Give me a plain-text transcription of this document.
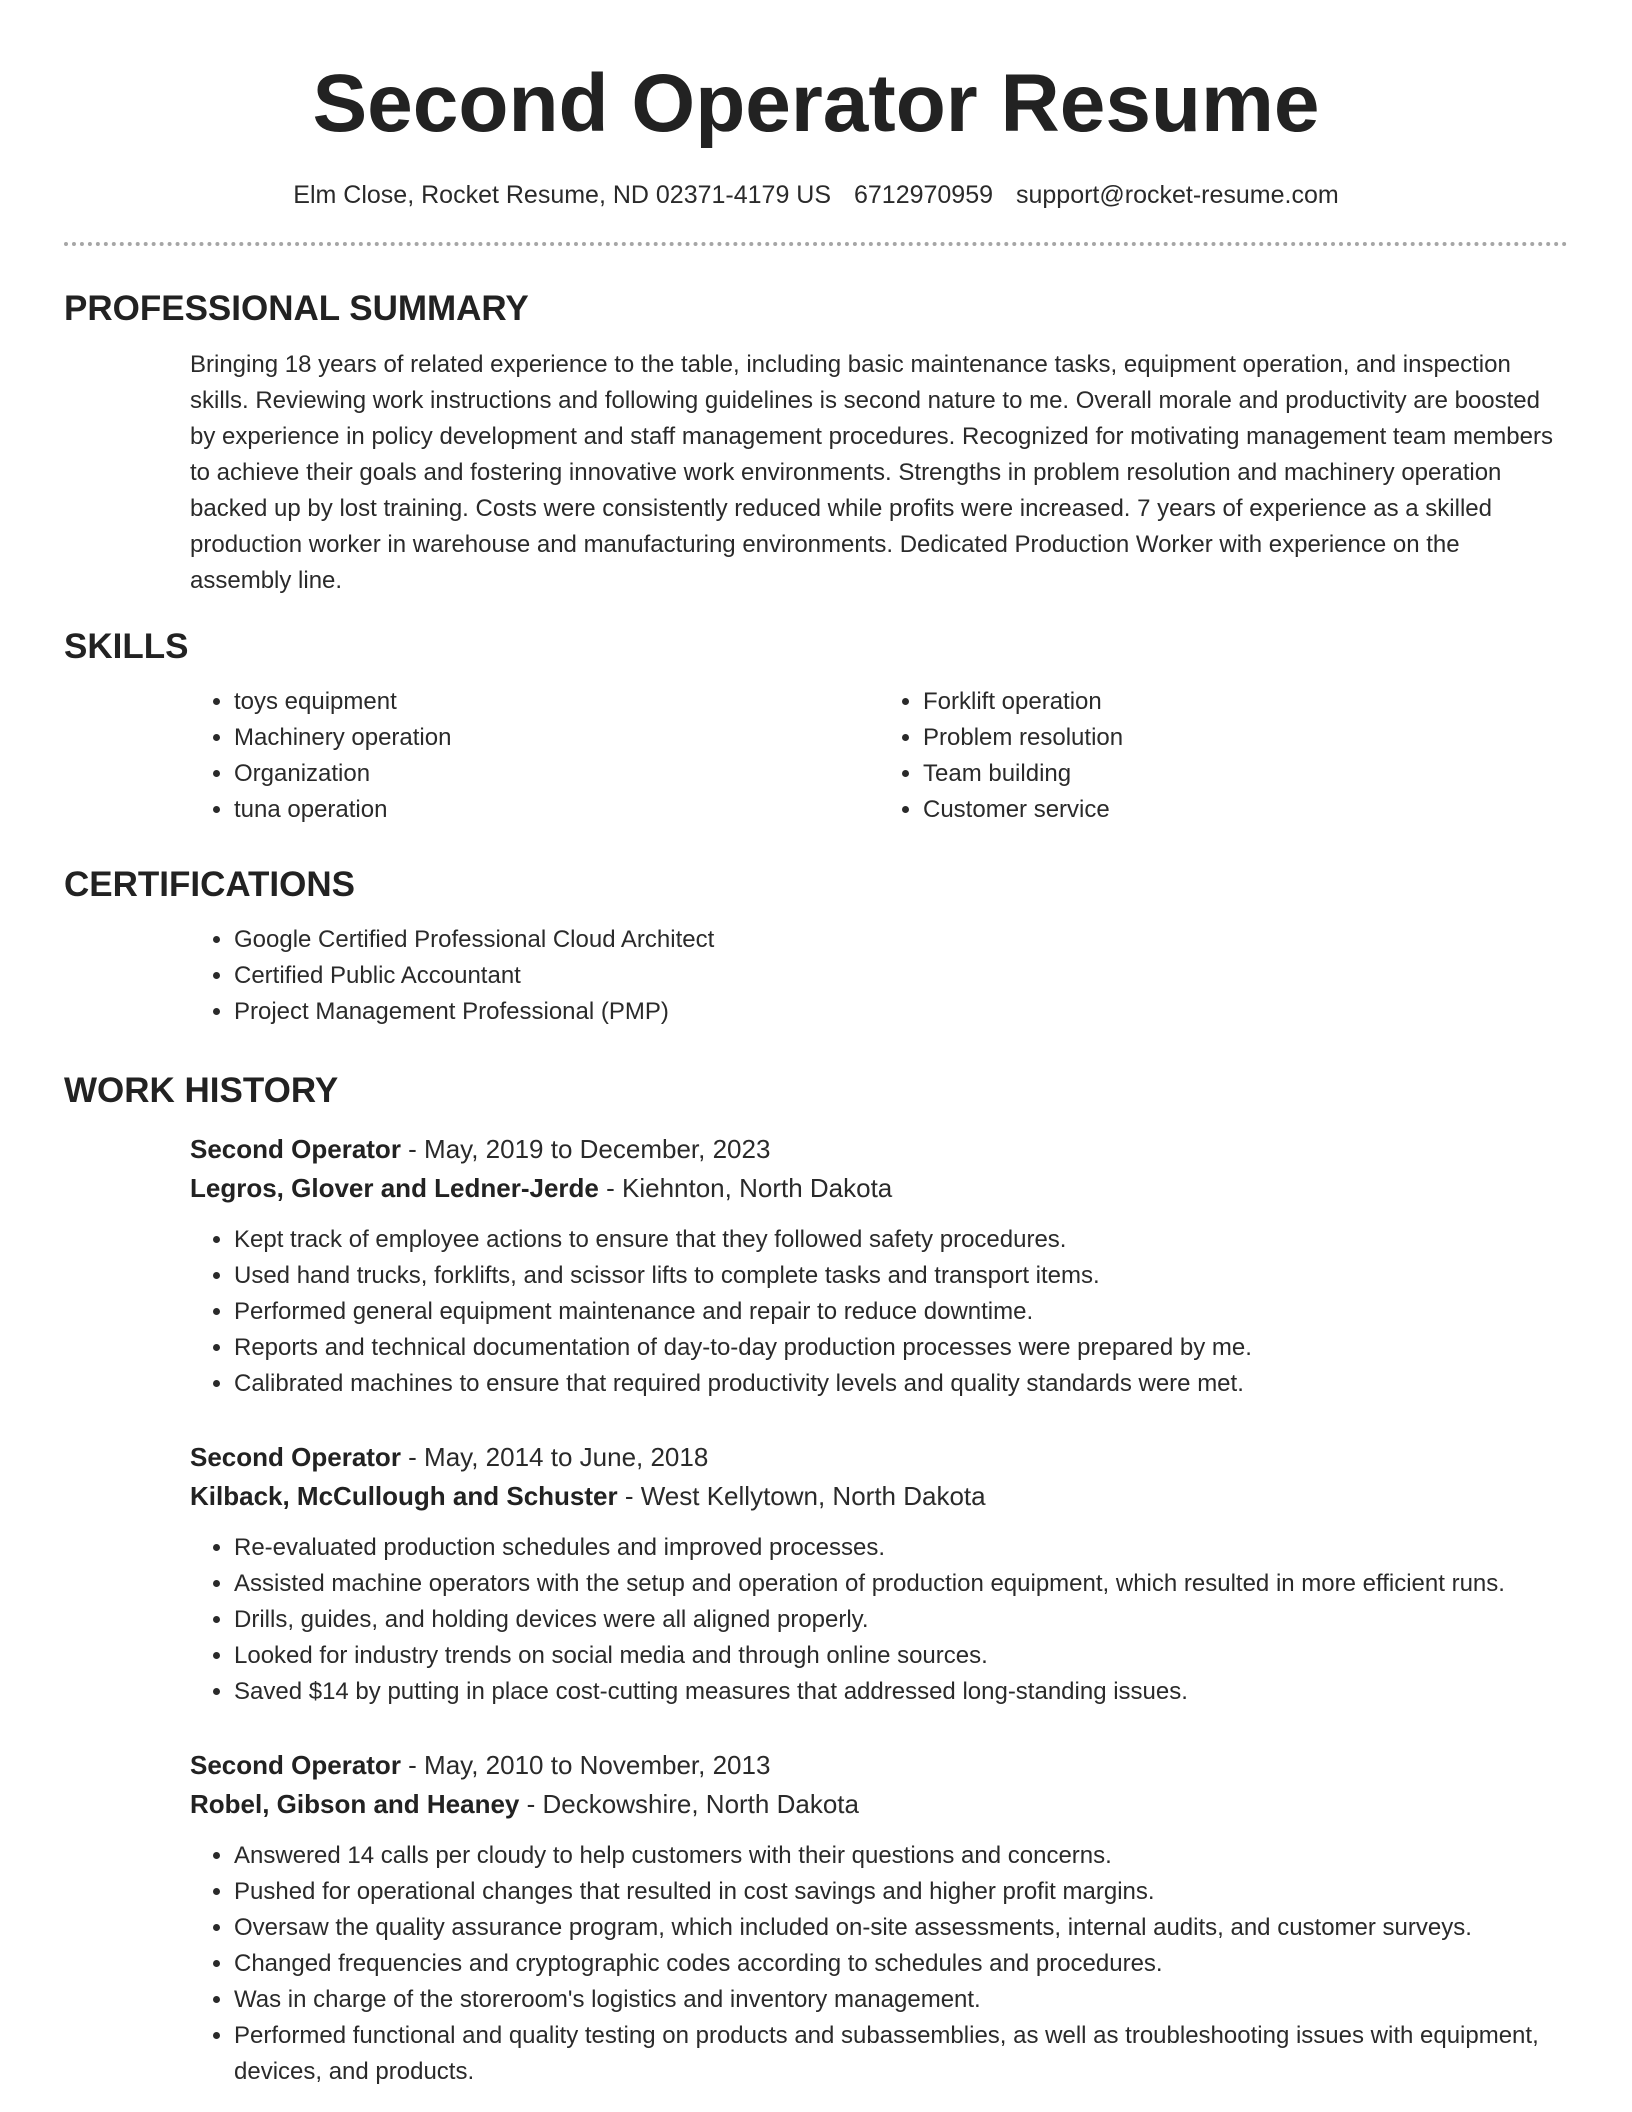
Second Operator Resume
Elm Close, Rocket Resume, ND 02371-4179 US 6712970959 support@rocket-resume.com
PROFESSIONAL SUMMARY

Bringing 18 years of related experience to the table, including basic maintenance tasks, equipment operation, and inspection skills. Reviewing work instructions and following guidelines is second nature to me. Overall morale and productivity are boosted by experience in policy development and staff management procedures. Recognized for motivating management team members to achieve their goals and fostering innovative work environments. Strengths in problem resolution and machinery operation backed up by lost training. Costs were consistently reduced while profits were increased. 7 years of experience as a skilled production worker in warehouse and manufacturing environments. Dedicated Production Worker with experience on the assembly line.

SKILLS
• toys equipment
• Machinery operation
• Organization
• tuna operation
• Forklift operation
• Problem resolution
• Team building
• Customer service
CERTIFICATIONS
• Google Certified Professional Cloud Architect
• Certified Public Accountant
• Project Management Professional (PMP)
WORK HISTORY
Second Operator - May, 2019 to December, 2023
Legros, Glover and Ledner-Jerde - Kiehnton, North Dakota
• Kept track of employee actions to ensure that they followed safety procedures.
• Used hand trucks, forklifts, and scissor lifts to complete tasks and transport items.
• Performed general equipment maintenance and repair to reduce downtime.
• Reports and technical documentation of day-to-day production processes were prepared by me.
• Calibrated machines to ensure that required productivity levels and quality standards were met.
Second Operator - May, 2014 to June, 2018
Kilback, McCullough and Schuster - West Kellytown, North Dakota
• Re-evaluated production schedules and improved processes.
• Assisted machine operators with the setup and operation of production equipment, which resulted in more efficient runs.
• Drills, guides, and holding devices were all aligned properly.
• Looked for industry trends on social media and through online sources.
• Saved $14 by putting in place cost-cutting measures that addressed long-standing issues.
Second Operator - May, 2010 to November, 2013
Robel, Gibson and Heaney - Deckowshire, North Dakota
• Answered 14 calls per cloudy to help customers with their questions and concerns.
• Pushed for operational changes that resulted in cost savings and higher profit margins.
• Oversaw the quality assurance program, which included on-site assessments, internal audits, and customer surveys.
• Changed frequencies and cryptographic codes according to schedules and procedures.
• Was in charge of the storeroom's logistics and inventory management.
• Performed functional and quality testing on products and subassemblies, as well as troubleshooting issues with equipment, devices, and products.
